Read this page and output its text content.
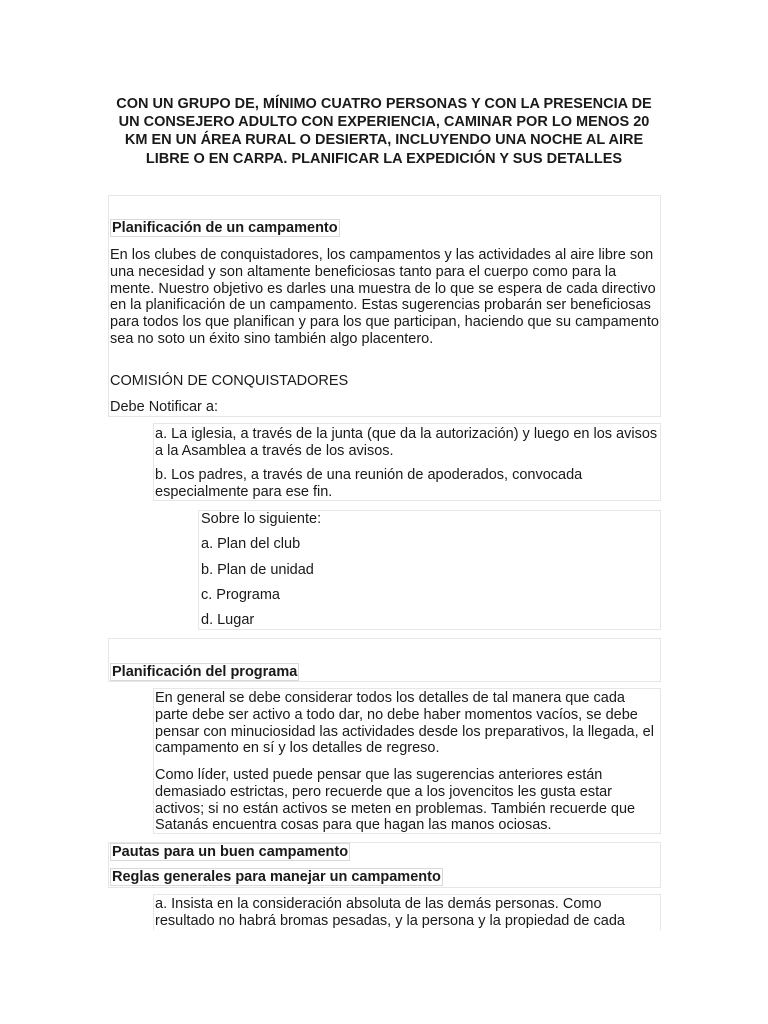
CON UN GRUPO DE, MÍNIMO CUATRO PERSONAS Y CON LA PRESENCIA DE UN CONSEJERO ADULTO CON EXPERIENCIA, CAMINAR POR LO MENOS 20 KM EN UN ÁREA RURAL O DESIERTA, INCLUYENDO UNA NOCHE AL AIRE LIBRE O EN CARPA. PLANIFICAR LA EXPEDICIÓN Y SUS DETALLES

Planificación de un campamento

En los clubes de conquistadores, los campamentos y las actividades al aire libre son una necesidad y son altamente beneficiosas tanto para el cuerpo como para la mente. Nuestro objetivo es darles una muestra de lo que se espera de cada directivo en la planificación de un campamento. Estas sugerencias probarán ser beneficiosas para todos los que planifican y para los que participan, haciendo que su campamento sea no soto un éxito sino también algo placentero.

COMISIÓN DE CONQUISTADORES

Debe Notificar a:

a. La iglesia, a través de la junta (que da la autorización) y luego en los avisos a la Asamblea a través de los avisos.

b. Los padres, a través de una reunión de apoderados, convocada especialmente para ese fin.

Sobre lo siguiente:

a. Plan del club

b. Plan de unidad

c. Programa

d. Lugar

Planificación del programa

En general se debe considerar todos los detalles de tal manera que cada parte debe ser activo a todo dar, no debe haber momentos vacíos, se debe pensar con minuciosidad las actividades desde los preparativos, la llegada, el campamento en sí y los detalles de regreso.

Como líder, usted puede pensar que las sugerencias anteriores están demasiado estrictas, pero recuerde que a los jovencitos les gusta estar activos; si no están activos se meten en problemas. También recuerde que Satanás encuentra cosas para que hagan las manos ociosas.

Pautas para un buen campamento

Reglas generales para manejar un campamento

a. Insista en la consideración absoluta de las demás personas. Como resultado no habrá bromas pesadas, y la persona y la propiedad de cada
